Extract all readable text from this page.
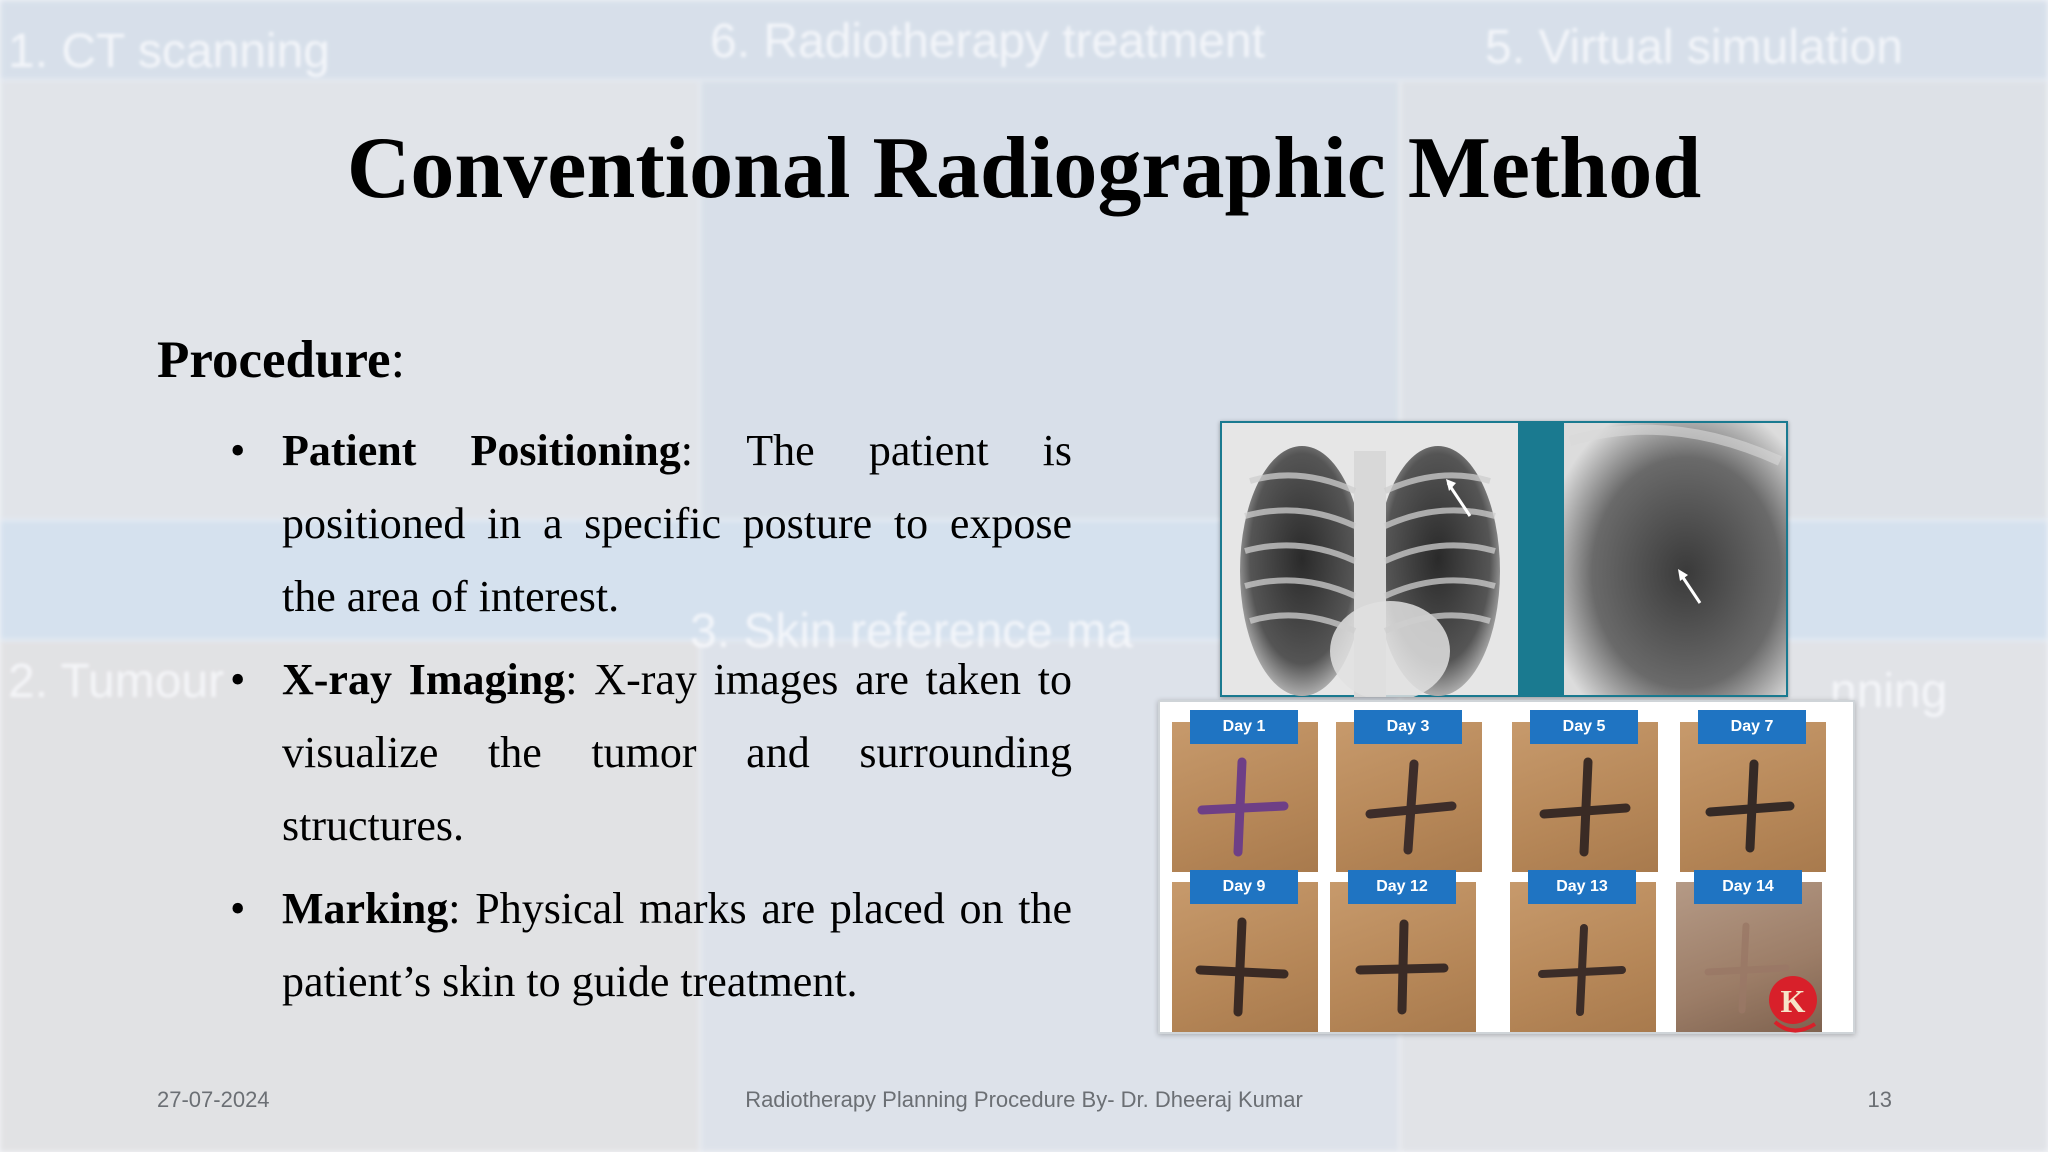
Conventional Radiographic Method
Procedure:
• Patient Positioning: The patient is positioned in a specific posture to expose the area of interest.
• X-ray Imaging: X-ray images are taken to visualize the tumor and surrounding structures.
• Marking: Physical marks are placed on the patient’s skin to guide treatment.
Day 1	Day 3	Day 5	Day 7
Day 9	Day 12	Day 13	Day 14
K
27-07-2024	Radiotherapy Planning Procedure By- Dr. Dheeraj Kumar	13
